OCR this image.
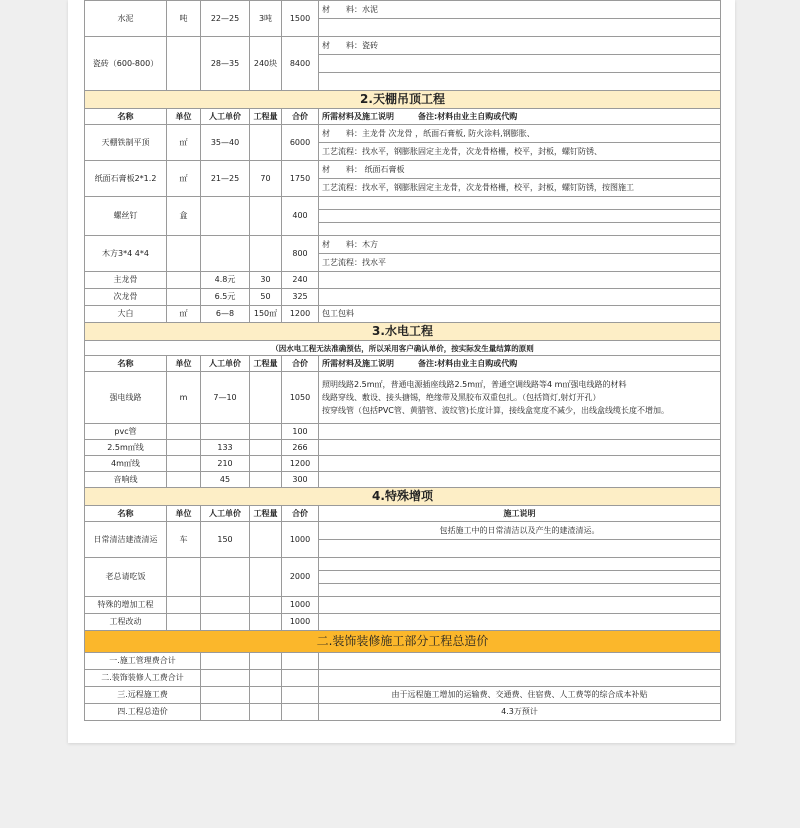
水泥	吨	22—25	3吨	1500	材　　料：水泥

瓷砖（600-800）		28—35	240块	8400	材　　料：瓷砖

2.天棚吊顶工程					
名称	单位	人工单价	工程量	合价	所需材料及施工说明 备注:材料由业主自购或代购
天棚铁制平顶	㎡	35—40		6000	材　　料：主龙骨 次龙骨 ，纸面石膏板, 防火涂料,钢膨胀、
工艺流程：找水平，钢膨胀固定主龙骨，次龙骨格栅，校平，封板，螺钉防锈、

纸面石膏板2*1.2	㎡	21—25	70	1750	材　　料： 纸面石膏板
工艺流程：找水平，钢膨胀固定主龙骨，次龙骨格栅，校平，封板，螺钉防锈，按图施工

螺丝钉	盒			400	

木方3*4 4*4				800	材　　料：木方
工艺流程：找水平

主龙骨		4.8元	30	240	
次龙骨		6.5元	50	325	
大白	㎡	6—8	150㎡	1200	包工包料
3.水电工程					
（因水电工程无法准确预估，所以采用客户确认单价，按实际发生量结算的原则					
名称	单位	人工单价	工程量	合价	所需材料及施工说明 备注:材料由业主自购或代购
强电线路	m	7—10		1050	照明线路2.5m㎡，普通电源插座线路2.5m㎡，普通空调线路等4 m㎡强电线路的材料
线路穿线、敷设、接头搪锡，绝缘带及黑胶布双重包扎。（包括筒灯,射灯开孔）
按穿线管（包括PVC管、黄腊管、波纹管)长度计算，接线盒宽度不减少，出线盒线缆长度不增加。

pvc管				100	
2.5m㎡线		133		266	
4m㎡线		210		1200	
音响线		45		300	
4.特殊增项					
名称	单位	人工单价	工程量	合价	施工说明
日常清洁建渣清运	车	150		1000	包括施工中的日常清洁以及产生的建渣清运。

老总请吃饭				2000	

特殊的增加工程				1000	
工程改动				1000	
二.装饰装修施工部分工程总造价					
一.施工管理费合计					
二.装饰装修人工费合计					
三.远程施工费					由于远程施工增加的运输费、交通费、住宿费、人工费等的综合成本补贴
四.工程总造价					4.3万预计
